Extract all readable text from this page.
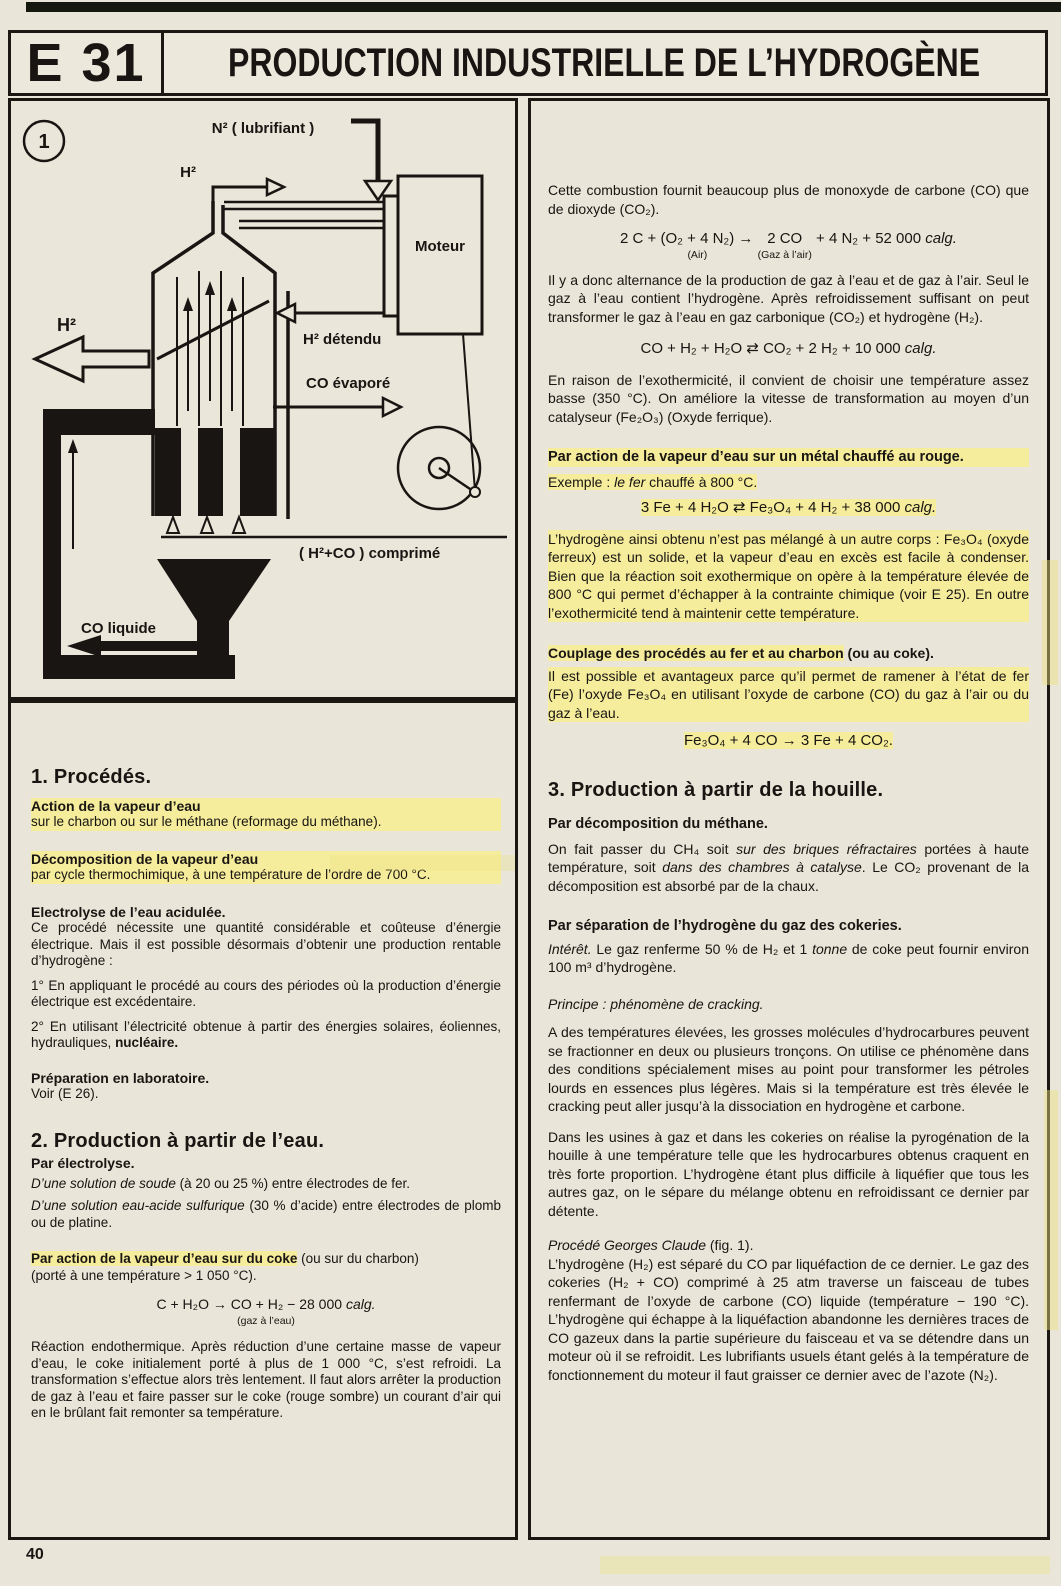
E 31	PRODUCTION INDUSTRIELLE DE L’HYDROGÈNE
1
N² ( lubrifiant )
Moteur
H²
H² détendu
CO évaporé
( H²+CO ) comprimé
H²
CO liquide
1. Procédés.
Action de la vapeur d’eau

sur le charbon ou sur le méthane (reformage du méthane).

Décomposition de la vapeur d’eau

par cycle thermochimique, à une température de l’ordre de 700 °C.

Electrolyse de l’eau acidulée.

Ce procédé nécessite une quantité considérable et coûteuse d’énergie électrique. Mais il est possible désormais d’obtenir une production rentable d’hydrogène :

1° En appliquant le procédé au cours des périodes où la production d’énergie électrique est excédentaire.

2° En utilisant l’électricité obtenue à partir des énergies solaires, éoliennes, hydrauliques, nucléaire.

Préparation en laboratoire.

Voir (E 26).

2. Production à partir de l’eau.
Par électrolyse.

D’une solution de soude (à 20 ou 25 %) entre électrodes de fer.

D’une solution eau-acide sulfurique (30 % d’acide) entre électrodes de plomb ou de platine.

Par action de la vapeur d’eau sur du coke (ou sur du charbon)
(porté à une température > 1 050 °C).

C + H₂O → CO + H₂ − 28 000 calg.
(gaz à l’eau)

Réaction endothermique. Après réduction d’une certaine masse de vapeur d’eau, le coke initialement porté à plus de 1 000 °C, s’est refroidi. La transformation s’effectue alors très lentement. Il faut alors arrêter la production de gaz à l’eau et faire passer sur le coke (rouge sombre) un courant d’air qui en le brûlant fait remonter sa température.

Cette combustion fournit beaucoup plus de monoxyde de carbone (CO) que de dioxyde (CO₂).

2 C + (O₂ + 4 N₂)
(Air)
→ 2 CO
(Gaz à l’air)
+ 4 N₂ + 52 000 calg.

Il y a donc alternance de la production de gaz à l’eau et de gaz à l’air. Seul le gaz à l’eau contient l’hydrogène. Après refroidissement suffisant on peut transformer le gaz à l’eau en gaz carbonique (CO₂) et hydrogène (H₂).

CO + H₂ + H₂O ⇄ CO₂ + 2 H₂ + 10 000 calg.

En raison de l’exothermicité, il convient de choisir une température assez basse (350 °C). On améliore la vitesse de transformation au moyen d’un catalyseur (Fe₂O₃) (Oxyde ferrique).

Par action de la vapeur d’eau sur un métal chauffé au rouge.

Exemple : le fer chauffé à 800 °C.

3 Fe + 4 H₂O ⇄ Fe₃O₄ + 4 H₂ + 38 000 calg.

L’hydrogène ainsi obtenu n’est pas mélangé à un autre corps : Fe₃O₄ (oxyde ferreux) est un solide, et la vapeur d’eau en excès est facile à condenser. Bien que la réaction soit exothermique on opère à la température élevée de 800 °C qui permet d’échapper à la contrainte chimique (voir E 25). En outre l’exothermicité tend à maintenir cette température.

Couplage des procédés au fer et au charbon (ou au coke).

Il est possible et avantageux parce qu’il permet de ramener à l’état de fer (Fe) l’oxyde Fe₃O₄ en utilisant l’oxyde de carbone (CO) du gaz à l’air ou du gaz à l’eau.

Fe₃O₄ + 4 CO → 3 Fe + 4 CO₂.
3. Production à partir de la houille.
Par décomposition du méthane.

On fait passer du CH₄ soit sur des briques réfractaires portées à haute température, soit dans des chambres à catalyse. Le CO₂ provenant de la décomposition est absorbé par de la chaux.

Par séparation de l’hydrogène du gaz des cokeries.

Intérêt. Le gaz renferme 50 % de H₂ et 1 tonne de coke peut fournir environ 100 m³ d’hydrogène.

Principe : phénomène de cracking.

A des températures élevées, les grosses molécules d’hydrocarbures peuvent se fractionner en deux ou plusieurs tronçons. On utilise ce phénomène dans des conditions spécialement mises au point pour transformer les pétroles lourds en essences plus légères. Mais si la température est très élevée le cracking peut aller jusqu’à la dissociation en hydrogène et carbone.

Dans les usines à gaz et dans les cokeries on réalise la pyrogénation de la houille à une température telle que les hydrocarbures obtenus craquent en très forte proportion. L’hydrogène étant plus difficile à liquéfier que tous les autres gaz, on le sépare du mélange obtenu en refroidissant ce dernier par détente.

Procédé Georges Claude (fig. 1).

L’hydrogène (H₂) est séparé du CO par liquéfaction de ce dernier. Le gaz des cokeries (H₂ + CO) comprimé à 25 atm traverse un faisceau de tubes renfermant de l’oxyde de carbone (CO) liquide (température − 190 °C). L’hydrogène qui échappe à la liquéfaction abandonne les dernières traces de CO gazeux dans la partie supérieure du faisceau et va se détendre dans un moteur où il se refroidit. Les lubrifiants usuels étant gelés à la température de fonctionnement du moteur il faut graisser ce dernier avec de l’azote (N₂).

40
